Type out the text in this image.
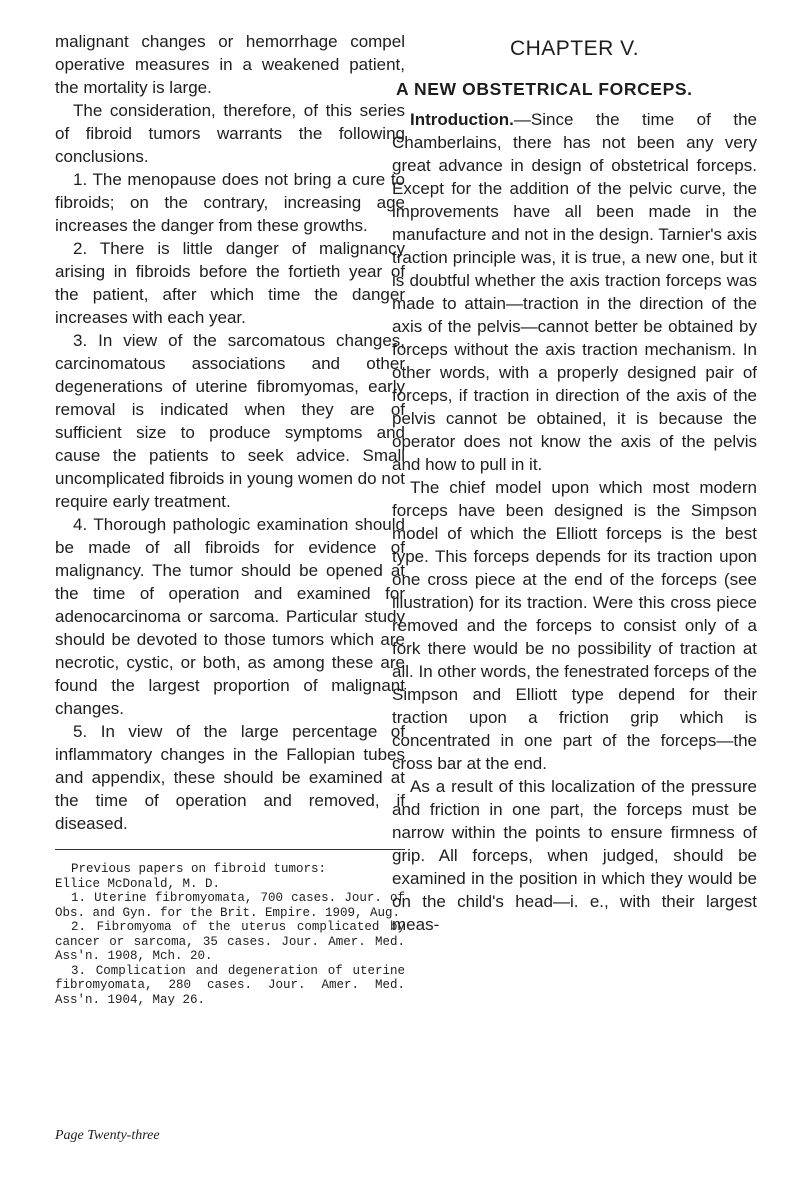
malignant changes or hemorrhage compel operative measures in a weakened patient, the mortality is large.

The consideration, therefore, of this series of fibroid tumors warrants the following conclusions.

1. The menopause does not bring a cure to fibroids; on the contrary, increasing age increases the danger from these growths.

2. There is little danger of malignancy arising in fibroids before the fortieth year of the patient, after which time the danger increases with each year.

3. In view of the sarcomatous changes, carcinomatous associations and other degenerations of uterine fibromyomas, early removal is indicated when they are of sufficient size to produce symptoms and cause the patients to seek advice. Small uncomplicated fibroids in young women do not require early treatment.

4. Thorough pathologic examination should be made of all fibroids for evidence of malignancy. The tumor should be opened at the time of operation and examined for adenocarcinoma or sarcoma. Particular study should be devoted to those tumors which are necrotic, cystic, or both, as among these are found the largest proportion of malignant changes.

5. In view of the large percentage of inflammatory changes in the Fallopian tubes and appendix, these should be examined at the time of operation and removed, if diseased.

Previous papers on fibroid tumors:

Ellice McDonald, M. D.

1. Uterine fibromyomata, 700 cases. Jour. of Obs. and Gyn. for the Brit. Empire. 1909, Aug.

2. Fibromyoma of the uterus complicated by cancer or sarcoma, 35 cases. Jour. Amer. Med. Ass'n. 1908, Mch. 20.

3. Complication and degeneration of uterine fibromyomata, 280 cases. Jour. Amer. Med. Ass'n. 1904, May 26.

CHAPTER V.
A NEW OBSTETRICAL FORCEPS.

Introduction.—Since the time of the Chamberlains, there has not been any very great advance in design of obstetrical forceps. Except for the addition of the pelvic curve, the improvements have all been made in the manufacture and not in the design. Tarnier's axis traction principle was, it is true, a new one, but it is doubtful whether the axis traction forceps was made to attain—traction in the direction of the axis of the pelvis—cannot better be obtained by forceps without the axis traction mechanism. In other words, with a properly designed pair of forceps, if traction in direction of the axis of the pelvis cannot be obtained, it is because the operator does not know the axis of the pelvis and how to pull in it.

The chief model upon which most modern forceps have been designed is the Simpson model of which the Elliott forceps is the best type. This forceps depends for its traction upon one cross piece at the end of the forceps (see illustration) for its traction. Were this cross piece removed and the forceps to consist only of a fork there would be no possibility of traction at all. In other words, the fenestrated forceps of the Simpson and Elliott type depend for their traction upon a friction grip which is concentrated in one part of the forceps—the cross bar at the end.

As a result of this localization of the pressure and friction in one part, the forceps must be narrow within the points to ensure firmness of grip. All forceps, when judged, should be examined in the position in which they would be on the child's head—i. e., with their largest meas-

Page Twenty-three
